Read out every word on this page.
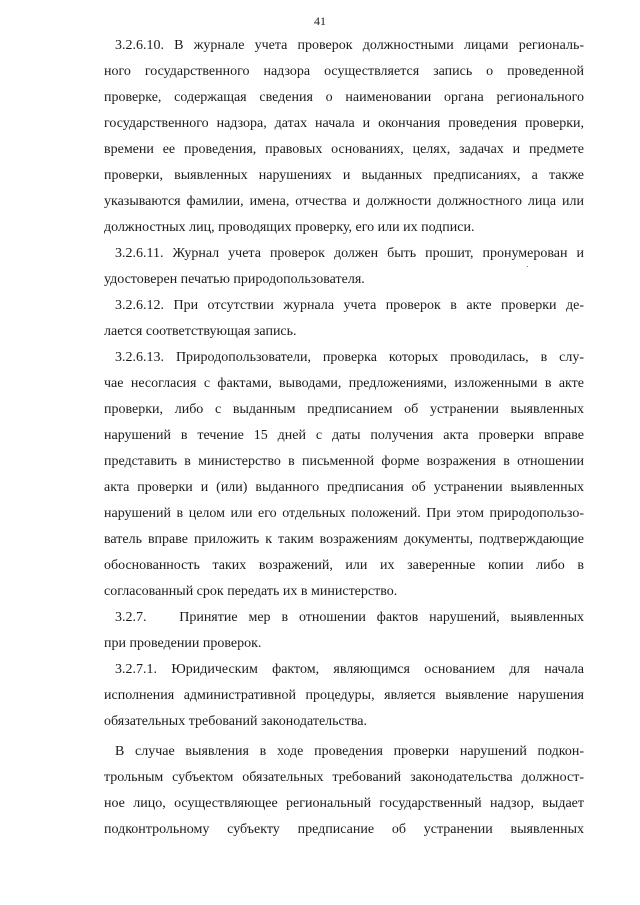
41
3.2.6.10. В журнале учета проверок должностными лицами региональ-
ного государственного надзора осуществляется запись о проведенной
проверке, содержащая сведения о наименовании органа регионального
государственного надзора, датах начала и окончания проведения проверки,
времени ее проведения, правовых основаниях, целях, задачах и предмете
проверки, выявленных нарушениях и выданных предписаниях, а также
указываются фамилии, имена, отчества и должности должностного лица или
должностных лиц, проводящих проверку, его или их подписи.
3.2.6.11. Журнал учета проверок должен быть прошит, пронумерован и
удостоверен печатью природопользователя.
3.2.6.12. При отсутствии журнала учета проверок в акте проверки де-
лается соответствующая запись.
3.2.6.13. Природопользователи, проверка которых проводилась, в слу-
чае несогласия с фактами, выводами, предложениями, изложенными в акте
проверки, либо с выданным предписанием об устранении выявленных
нарушений в течение 15 дней с даты получения акта проверки вправе
представить в министерство в письменной форме возражения в отношении
акта проверки и (или) выданного предписания об устранении выявленных
нарушений в целом или его отдельных положений. При этом природопользо-
ватель вправе приложить к таким возражениям документы, подтверждающие
обоснованность таких возражений, или их заверенные копии либо в
согласованный срок передать их в министерство.
3.2.7.   Принятие мер в отношении фактов нарушений, выявленных
при проведении проверок.
3.2.7.1. Юридическим фактом, являющимся основанием для начала
исполнения административной процедуры, является выявление нарушения
обязательных требований законодательства.
В случае выявления в ходе проведения проверки нарушений подкон-
трольным субъектом обязательных требований законодательства должност-
ное лицо, осуществляющее региональный государственный надзор, выдает
подконтрольному субъекту предписание об устранении выявленных
